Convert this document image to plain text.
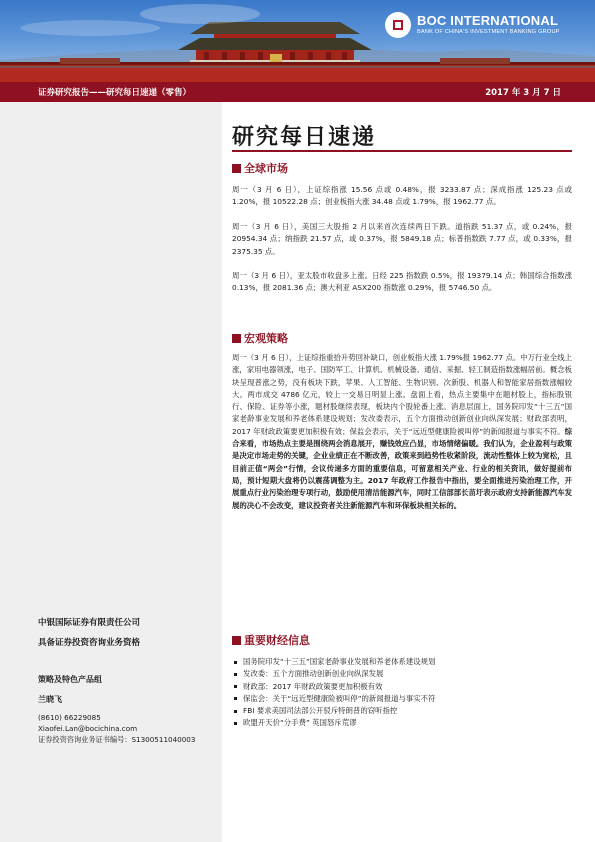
BOC INTERNATIONAL
BANK OF CHINA'S INVESTMENT BANKING GROUP
证券研究报告——研究每日速递（零售）	2017 年 3 月 7 日
中银国际证券有限责任公司
具备证券投资咨询业务资格
策略及特色产品组
兰晓飞
(8610) 66229085
Xiaofei.Lan@bocichina.com
证券投资咨询业务证书编号：S1300511040003
研究每日速递
全球市场
周一（3 月 6 日），上证综指涨 15.56 点或 0.48%，报 3233.87 点；深成指涨 125.23 点或 1.20%，报 10522.28 点；创业板指大涨 34.48 点或 1.79%，报 1962.77 点。
周一（3 月 6 日），美国三大股指 2 月以来首次连续两日下跌。道指跌 51.37 点，或 0.24%，报 20954.34 点；纳指跌 21.57 点，或 0.37%，报 5849.18 点；标普指数跌 7.77 点，或 0.33%，报 2375.35 点。
周一（3 月 6 日），亚太股市收盘多上涨。日经 225 指数跌 0.5%，报 19379.14 点；韩国综合指数涨 0.13%，报 2081.36 点；澳大利亚 ASX200 指数涨 0.29%，报 5746.50 点。
宏观策略
周一（3 月 6 日），上证综指重拾升势回补缺口，创业板指大涨 1.79%报 1962.77 点。中万行业全线上涨，家用电器领涨，电子、国防军工、计算机、机械设备、通信、采掘、轻工制造指数涨幅居前。概念板块呈现普涨之势，没有板块下跌，苹果、人工智能、生物识别、次新股、机器人和智能家居指数涨幅较大。两市成交 4786 亿元，较上一交易日明显上涨。盘面上看，热点主要集中在题材股上，指标股银行、保险、证券等小涨，题材股继续表现，板块内个股轮番上涨。消息层面上，国务院印发“十三五”国家老龄事业发展和养老体系建设规划；发改委表示，五个方面推动创新创业向纵深发展；财政部表明，2017 年财政政策要更加积极有效；保监会表示，关于“远近型健康险被叫停”的新闻报道与事实不符。综合来看，市场热点主要是围绕两会消息展开，赚钱效应凸显，市场情绪偏暖。我们认为，企业盈利与政策是决定市场走势的关键，企业业绩正在不断改善，政策来到趋势性收紧阶段，流动性整体上较为宽松，且目前正值“两会”行情，会议传递多方面的重要信息，可留意相关产业、行业的相关资讯，做好提前布局，预计短期大盘将仍以震荡调整为主。2017 年政府工作报告中指出，要全面推进污染治理工作，开展重点行业污染治理专项行动，鼓励使用清洁能源汽车，同时工信部部长苗圩表示政府支持新能源汽车发展的决心不会改变，建议投资者关注新能源汽车和环保板块相关标的。
重要财经信息
国务院印发“十三五”国家老龄事业发展和养老体系建设规划
发改委：五个方面推动创新创业向纵深发展
财政部：2017 年财政政策要更加积极有效
保监会：关于“远近型健康险被叫停”的新闻报道与事实不符
FBI 要求美国司法部公开驳斥特朗普的窃听指控
欧盟开天价“分手费” 英国怒斥荒谬
